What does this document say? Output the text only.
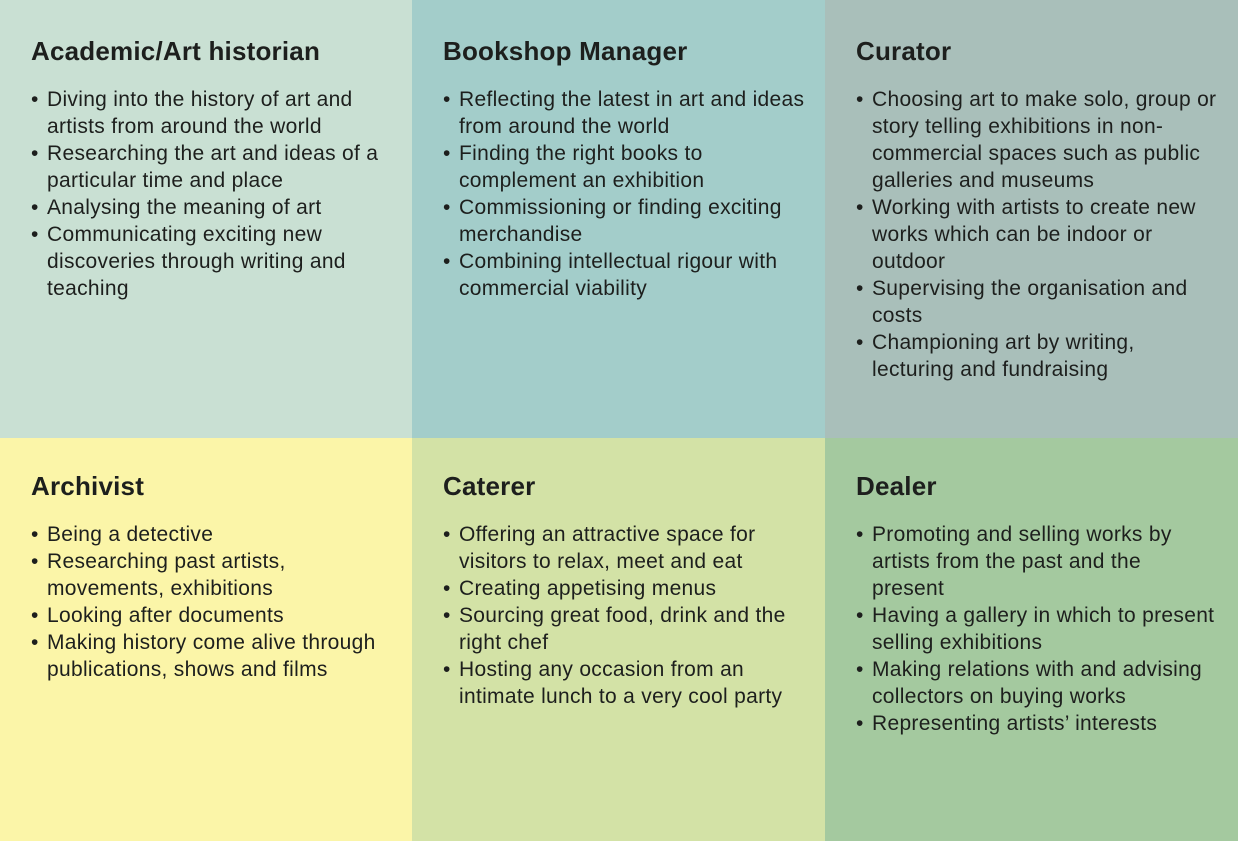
Academic/Art historian
• Diving into the history of art and artists from around the world
• Researching the art and ideas of a particular time and place
• Analysing the meaning of art
• Communicating exciting new discoveries through writing and teaching
Bookshop Manager
• Reflecting the latest in art and ideas from around the world
• Finding the right books to complement an exhibition
• Commissioning or finding exciting merchandise
• Combining intellectual rigour with commercial viability
Curator
• Choosing art to make solo, group or story telling exhibitions in non-commercial spaces such as public galleries and museums
• Working with artists to create new works which can be indoor or outdoor
• Supervising the organisation and costs
• Championing art by writing, lecturing and fundraising
Archivist
• Being a detective
• Researching past artists, movements, exhibitions
• Looking after documents
• Making history come alive through publications, shows and films
Caterer
• Offering an attractive space for visitors to relax, meet and eat
• Creating appetising menus
• Sourcing great food, drink and the right chef
• Hosting any occasion from an intimate lunch to a very cool party
Dealer
• Promoting and selling works by artists from the past and the present
• Having a gallery in which to present selling exhibitions
• Making relations with and advising collectors on buying works
• Representing artists’ interests
